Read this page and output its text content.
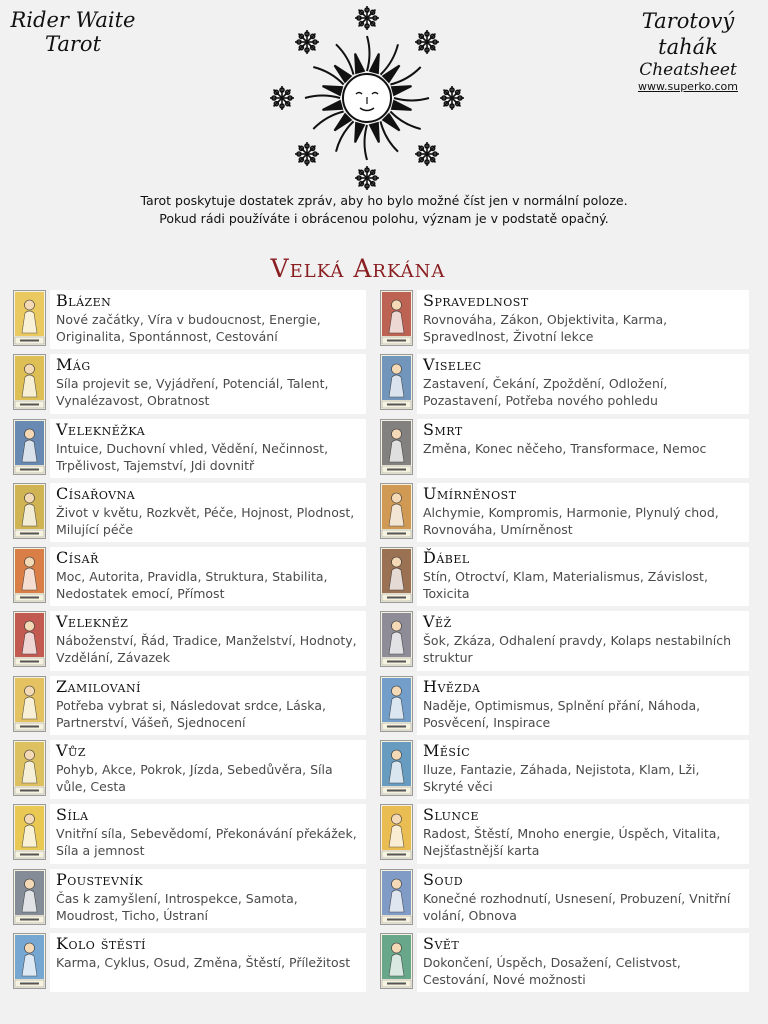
Rider Waite
Tarot
Tarotový tahák
Cheatsheet
www.superko.com
Tarot poskytuje dostatek zpráv, aby ho bylo možné číst jen v normální poloze.
Pokud rádi používáte i obrácenou polohu, význam je v podstatě opačný.
Velká Arkána
Blázen
Nové začátky, Víra v budoucnost, Energie, Originalita, Spontánnost, Cestování
Spravedlnost
Rovnováha, Zákon, Objektivita, Karma, Spravedlnost, Životní lekce
Mág
Síla projevit se, Vyjádření, Potenciál, Talent, Vynalézavost, Obratnost
Viselec
Zastavení, Čekání, Zpoždění, Odložení, Pozastavení, Potřeba nového pohledu
Velekněžka
Intuice, Duchovní vhled, Vědění, Nečinnost, Trpělivost, Tajemství, Jdi dovnitř
Smrt
Změna, Konec něčeho, Transformace, Nemoc
Císařovna
Život v květu, Rozkvět, Péče, Hojnost, Plodnost, Milující péče
Umírněnost
Alchymie, Kompromis, Harmonie, Plynulý chod, Rovnováha, Umírněnost
Císař
Moc, Autorita, Pravidla, Struktura, Stabilita, Nedostatek emocí, Přímost
Ďábel
Stín, Otroctví, Klam, Materialismus, Závislost, Toxicita
Velekněz
Náboženství, Řád, Tradice, Manželství, Hodnoty, Vzdělání, Závazek
Věž
Šok, Zkáza, Odhalení pravdy, Kolaps nestabilních struktur
Zamilovaní
Potřeba vybrat si, Následovat srdce, Láska, Partnerství, Vášeň, Sjednocení
Hvězda
Naděje, Optimismus, Splnění přání, Náhoda, Posvěcení, Inspirace
Vůz
Pohyb, Akce, Pokrok, Jízda, Sebedůvěra, Síla vůle, Cesta
Měsíc
Iluze, Fantazie, Záhada, Nejistota, Klam, Lži, Skryté věci
Síla
Vnitřní síla, Sebevědomí, Překonávání překážek, Síla a jemnost
Slunce
Radost, Štěstí, Mnoho energie, Úspěch, Vitalita, Nejšťastnější karta
Poustevník
Čas k zamyšlení, Introspekce, Samota, Moudrost, Ticho, Ústraní
Soud
Konečné rozhodnutí, Usnesení, Probuzení, Vnitřní volání, Obnova
Kolo štěstí
Karma, Cyklus, Osud, Změna, Štěstí, Příležitost
Svět
Dokončení, Úspěch, Dosažení, Celistvost, Cestování, Nové možnosti
